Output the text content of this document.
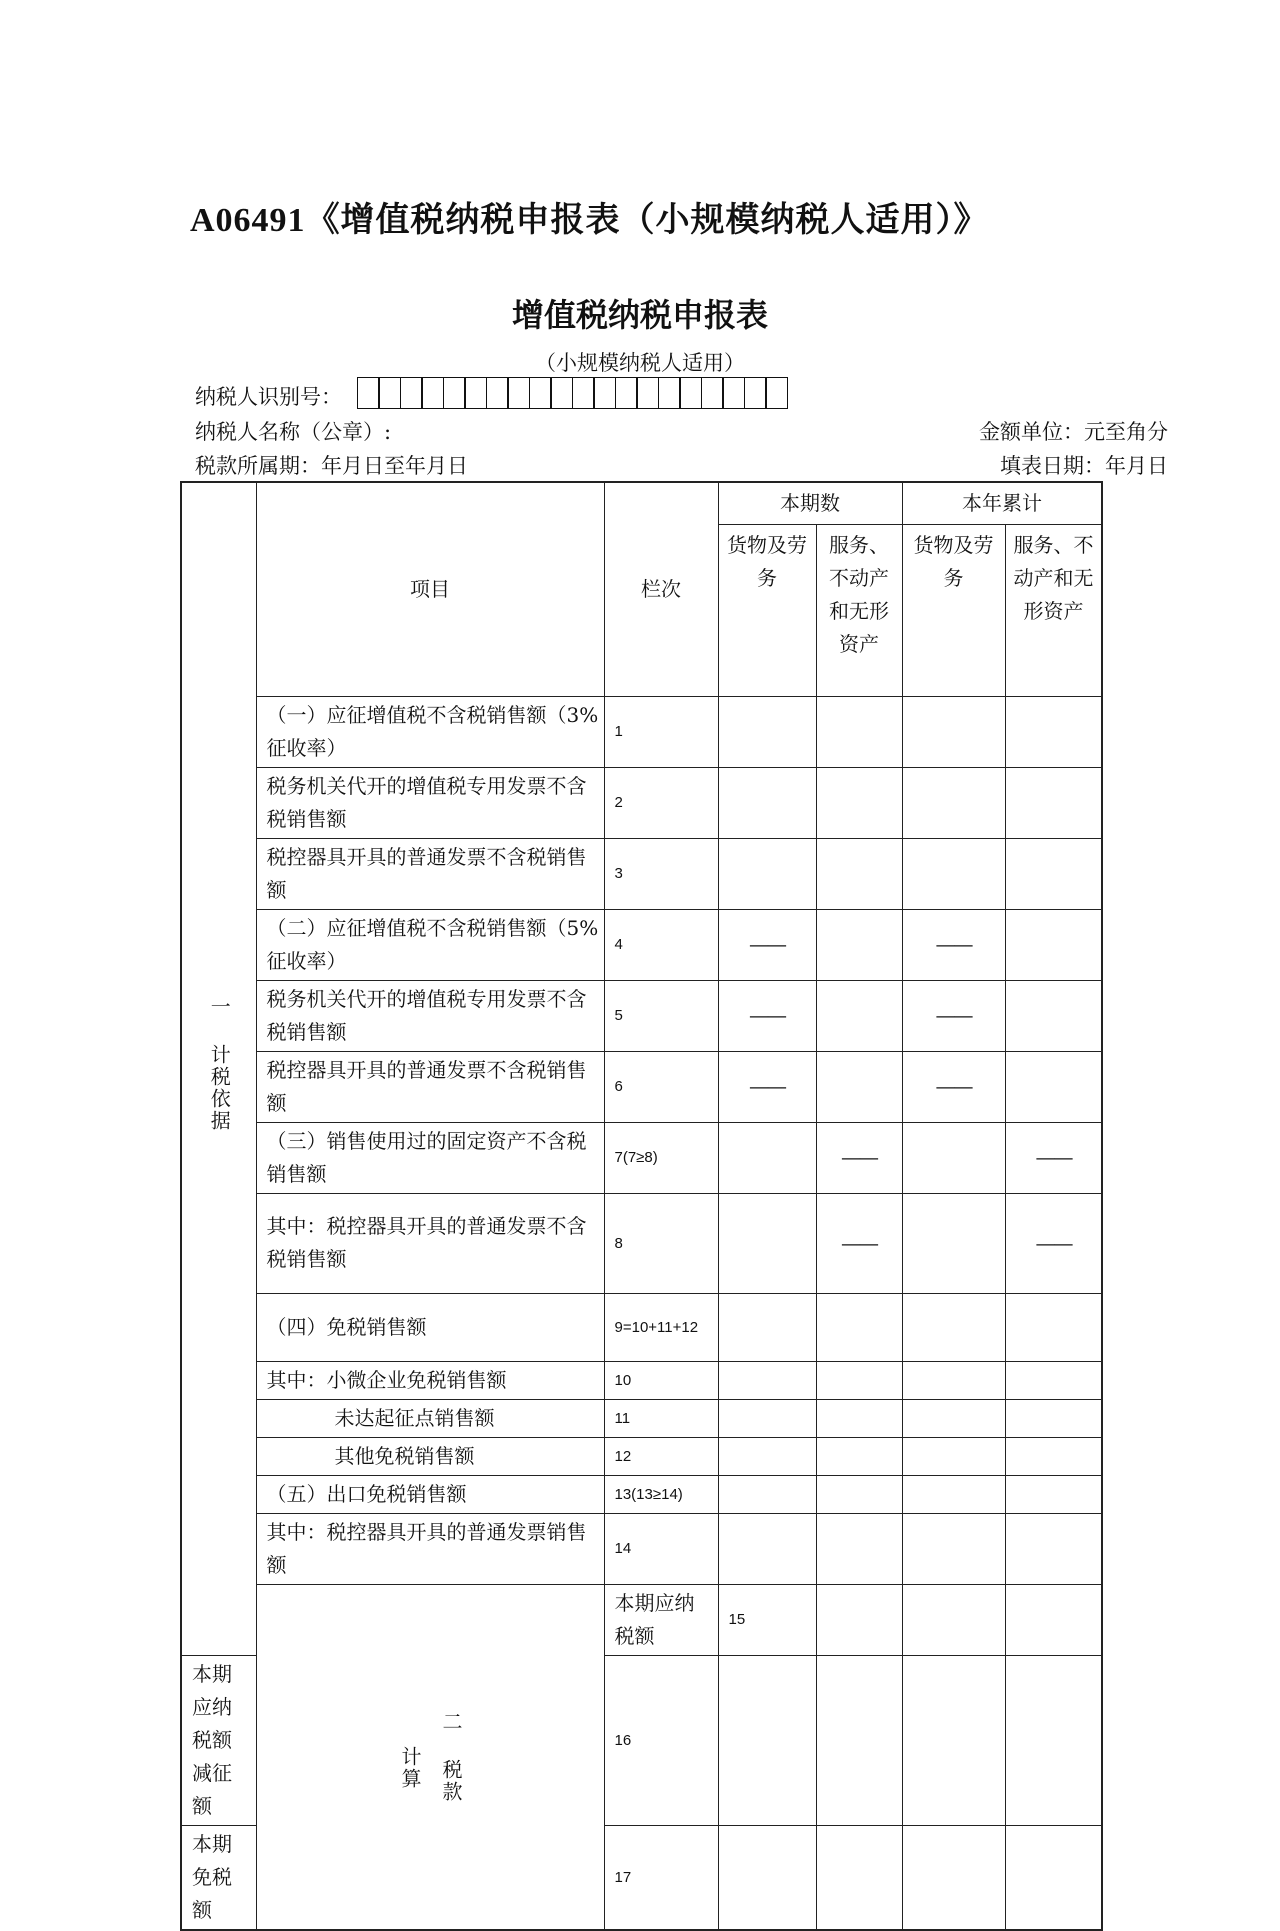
A06491《增值税纳税申报表（小规模纳税人适用）》
增值税纳税申报表
（小规模纳税人适用）
纳税人识别号：
纳税人名称（公章）:	金额单位：元至角分
税款所属期：年月日至年月日	填表日期：年月日
一 计税依据	项目	栏次	本期数		本年累计		
			货物及劳务	服务、不动产和无形资产	货物及劳务	服务、不动产和无形资产	
	（一）应征增值税不含税销售额（3%征收率）	1					
	税务机关代开的增值税专用发票不含税销售额	2					
	税控器具开具的普通发票不含税销售额	3					
	（二）应征增值税不含税销售额（5%征收率）	4	——		——		
	税务机关代开的增值税专用发票不含税销售额	5	——		——		
	税控器具开具的普通发票不含税销售额	6	——		——		
	（三）销售使用过的固定资产不含税销售额	7(7≥8)		——		——	
	其中：税控器具开具的普通发票不含税销售额	8		——		——	
	（四）免税销售额	9=10+11+12					
	其中：小微企业免税销售额	10					
	未达起征点销售额	11					
	其他免税销售额	12					
	（五）出口免税销售额	13(13≥14)					
	其中：税控器具开具的普通发票销售额	14					

	计算 二 税款	本期应纳税额	15				
本期应纳税额减征额		16					
本期免税额		17					
